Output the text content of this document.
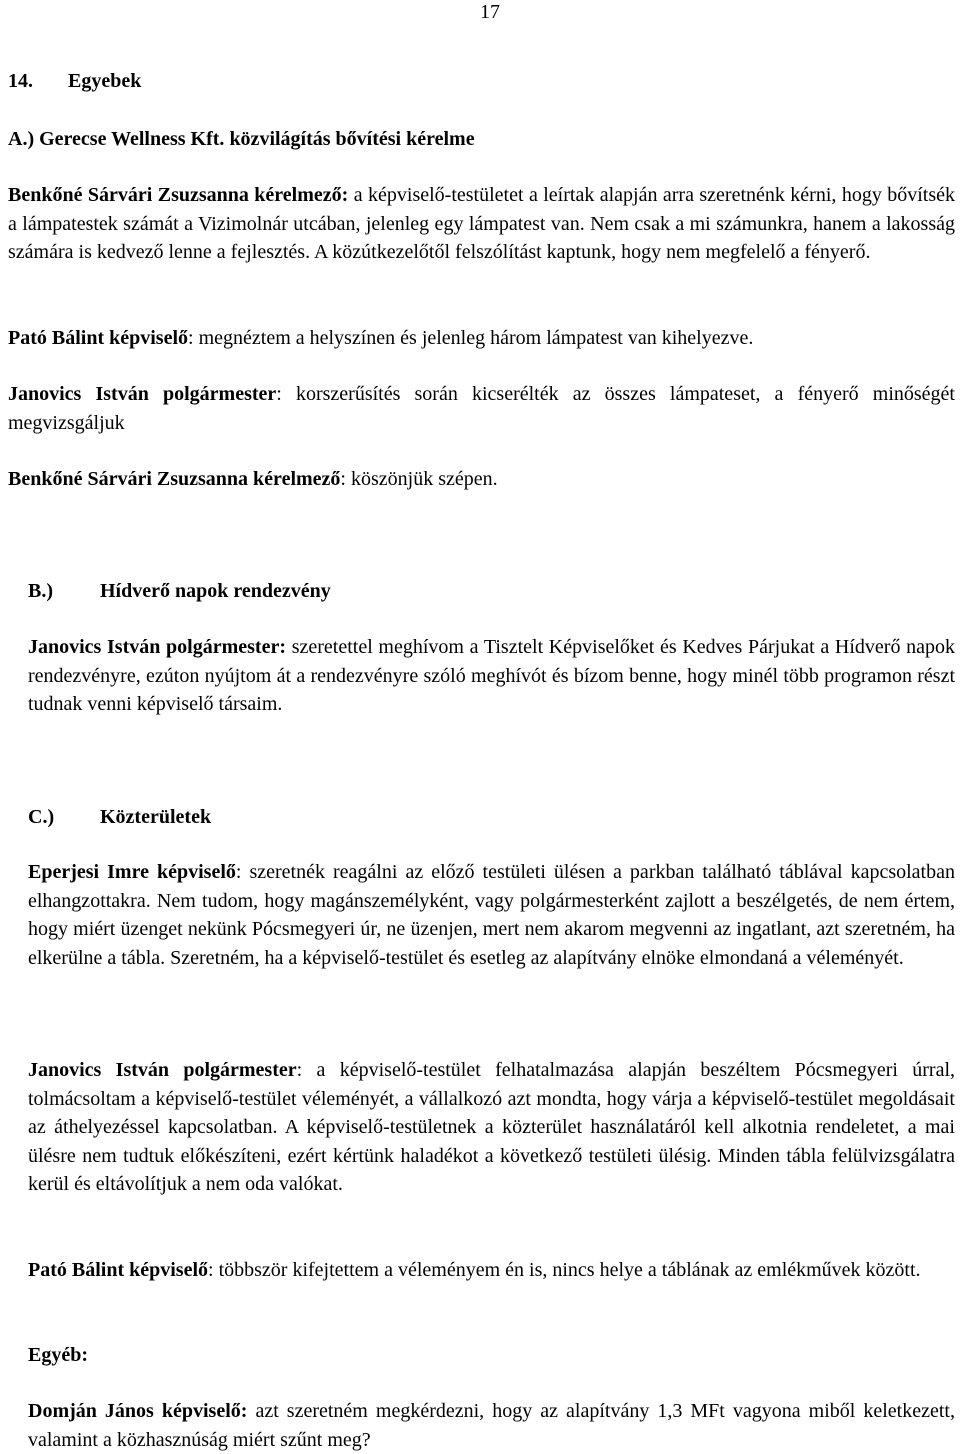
17
14. Egyebek
A.) Gerecse Wellness Kft. közvilágítás bővítési kérelme

Benkőné Sárvári Zsuzsanna kérelmező: a képviselő-testületet a leírtak alapján arra szeretnénk kérni, hogy bővítsék a lámpatestek számát a Vizimolnár utcában, jelenleg egy lámpatest van. Nem csak a mi számunkra, hanem a lakosság számára is kedvező lenne a fejlesztés. A közútkezelőtől felszólítást kaptunk, hogy nem megfelelő a fényerő.

Pató Bálint képviselő: megnéztem a helyszínen és jelenleg három lámpatest van kihelyezve.

Janovics István polgármester: korszerűsítés során kicserélték az összes lámpateset, a fényerő minőségét megvizsgáljuk

Benkőné Sárvári Zsuzsanna kérelmező: köszönjük szépen.

B.) Hídverő napok rendezvény

Janovics István polgármester: szeretettel meghívom a Tisztelt Képviselőket és Kedves Párjukat a Hídverő napok rendezvényre, ezúton nyújtom át a rendezvényre szóló meghívót és bízom benne, hogy minél több programon részt tudnak venni képviselő társaim.

C.) Közterületek

Eperjesi Imre képviselő: szeretnék reagálni az előző testületi ülésen a parkban található táblával kapcsolatban elhangzottakra. Nem tudom, hogy magánszemélyként, vagy polgármesterként zajlott a beszélgetés, de nem értem, hogy miért üzenget nekünk Pócsmegyeri úr, ne üzenjen, mert nem akarom megvenni az ingatlant, azt szeretném, ha elkerülne a tábla. Szeretném, ha a képviselő-testület és esetleg az alapítvány elnöke elmondaná a véleményét.

Janovics István polgármester: a képviselő-testület felhatalmazása alapján beszéltem Pócsmegyeri úrral, tolmácsoltam a képviselő-testület véleményét, a vállalkozó azt mondta, hogy várja a képviselő-testület megoldásait az áthelyezéssel kapcsolatban. A képviselő-testületnek a közterület használatáról kell alkotnia rendeletet, a mai ülésre nem tudtuk előkészíteni, ezért kértünk haladékot a következő testületi ülésig. Minden tábla felülvizsgálatra kerül és eltávolítjuk a nem oda valókat.

Pató Bálint képviselő: többször kifejtettem a véleményem én is, nincs helye a táblának az emlékművek között.

Egyéb:

Domján János képviselő: azt szeretném megkérdezni, hogy az alapítvány 1,3 MFt vagyona miből keletkezett, valamint a közhasznúság miért szűnt meg?
